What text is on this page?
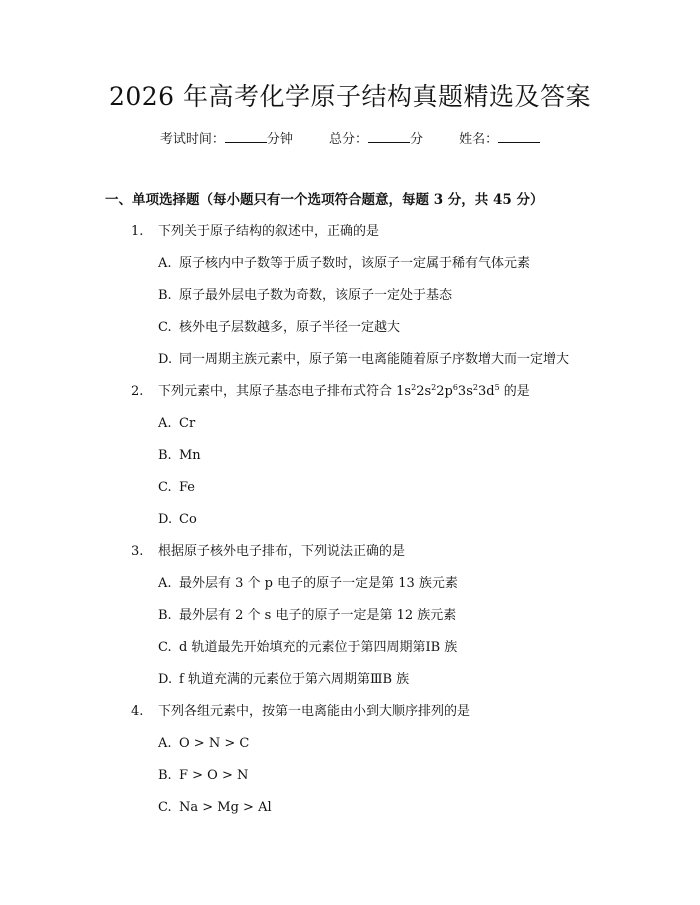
2026 年高考化学原子结构真题精选及答案
考试时间：	分钟	总分：	分	姓名：
一、单项选择题（每小题只有一个选项符合题意，每题 3 分，共 45 分）
1. 下列关于原子结构的叙述中，正确的是
A. 原子核内中子数等于质子数时，该原子一定属于稀有气体元素
B. 原子最外层电子数为奇数，该原子一定处于基态
C. 核外电子层数越多，原子半径一定越大
D. 同一周期主族元素中，原子第一电离能随着原子序数增大而一定增大
2. 下列元素中，其原子基态电子排布式符合 $1s^22s^22p^63s^23d^5$ 的是
A. Cr
B. Mn
C. Fe
D. Co
3. 根据原子核外电子排布，下列说法正确的是
A. 最外层有 3 个 p 电子的原子一定是第 13 族元素
B. 最外层有 2 个 s 电子的原子一定是第 12 族元素
C. d 轨道最先开始填充的元素位于第四周期第ⅠB 族
D. f 轨道充满的元素位于第六周期第ⅢB 族
4. 下列各组元素中，按第一电离能由小到大顺序排列的是
A. O > N > C
B. F > O > N
C. Na > Mg > Al
